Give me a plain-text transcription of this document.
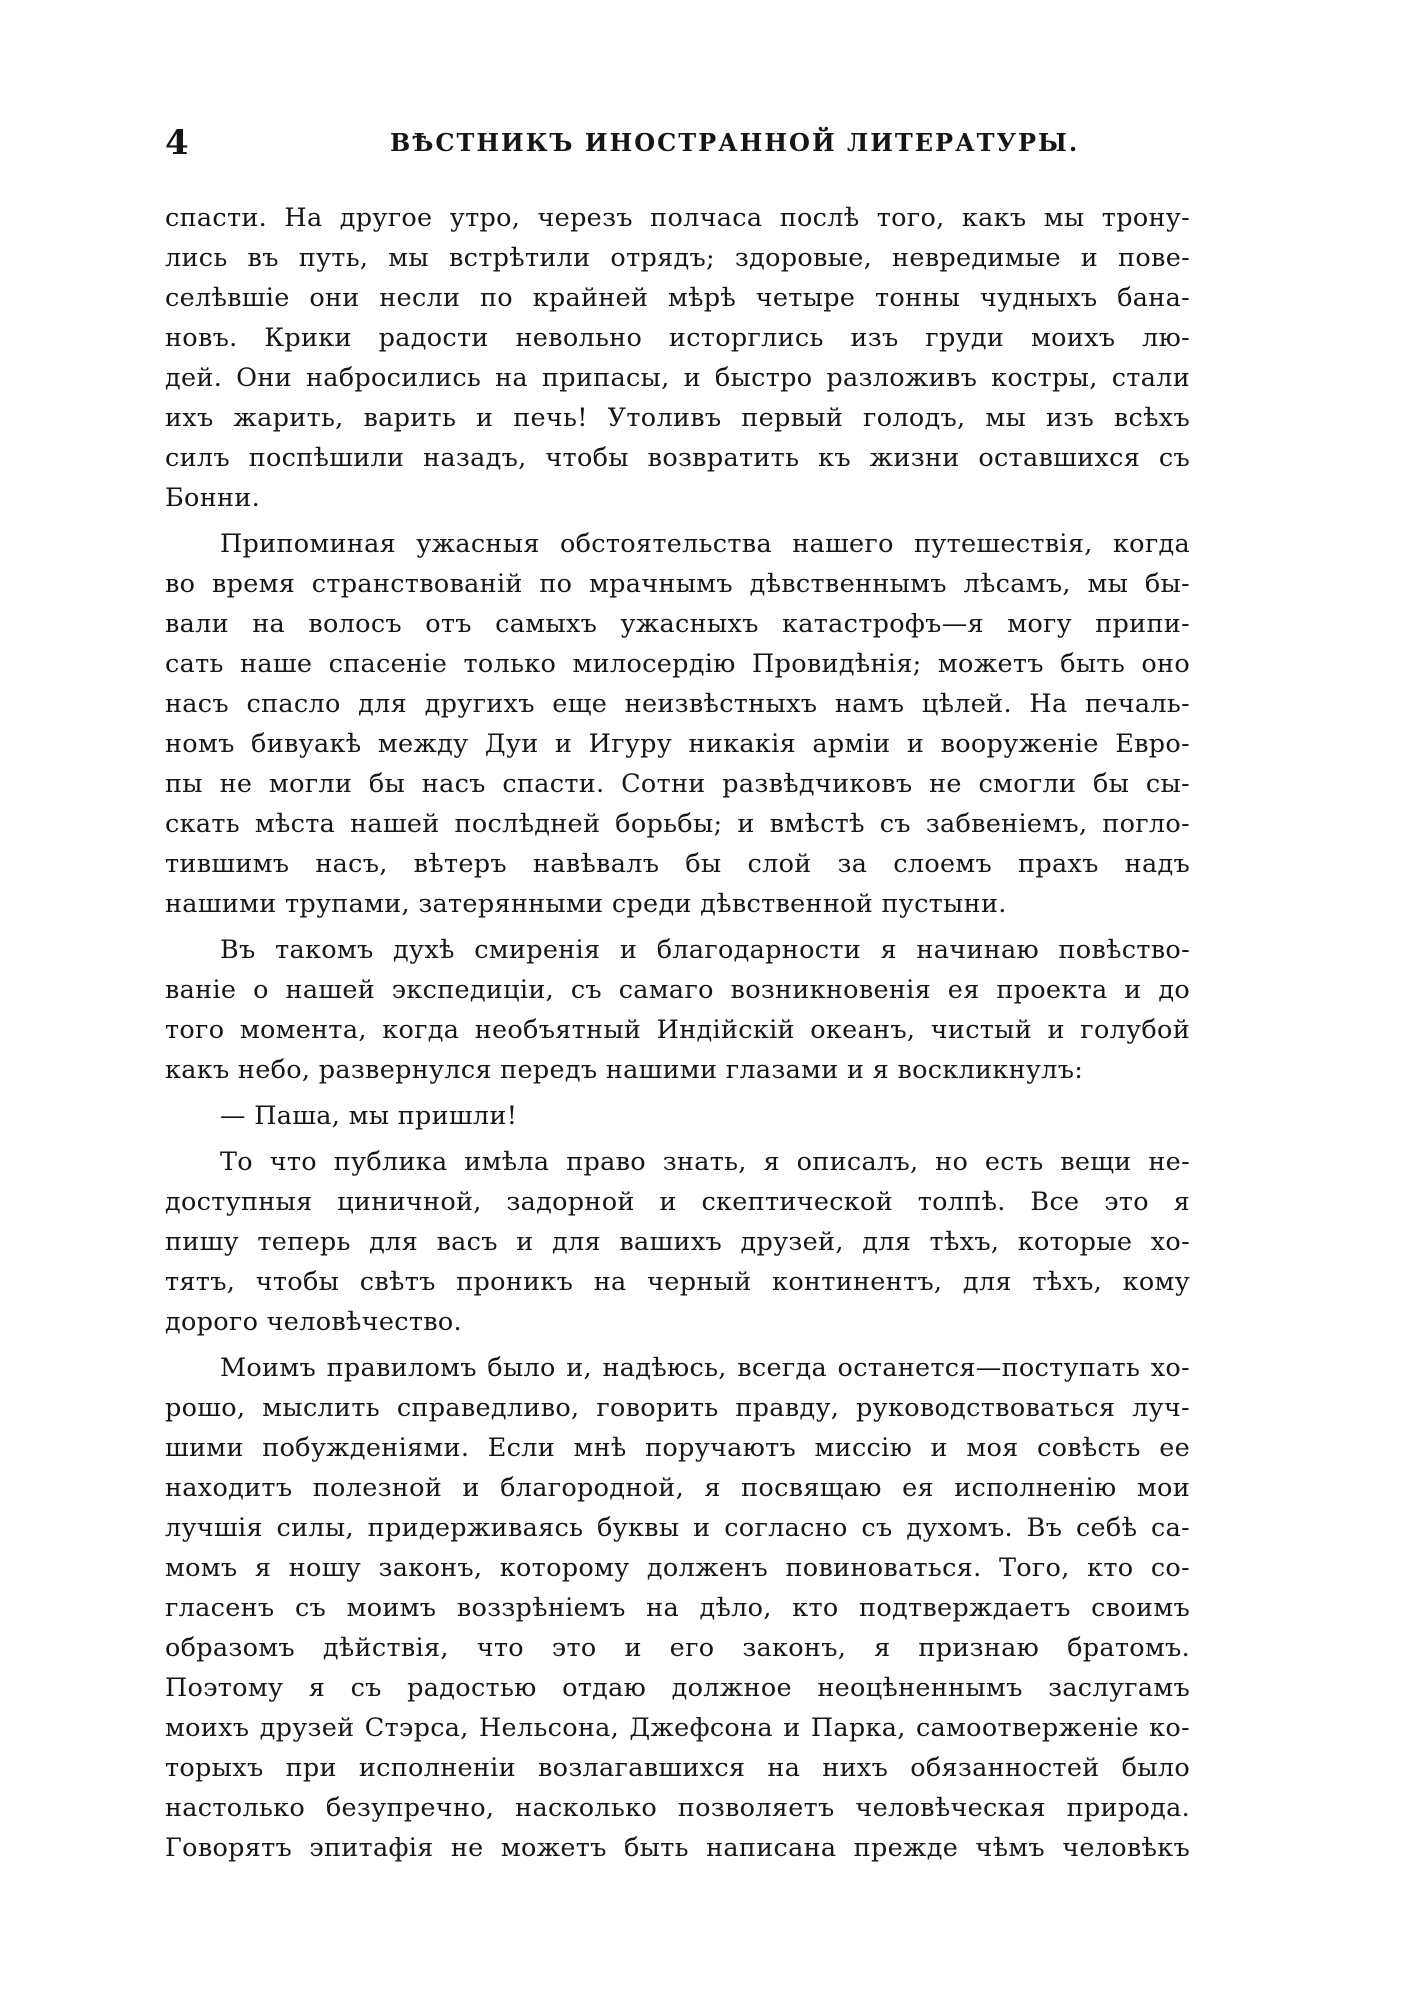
4	ВѢСТНИКЪ ИНОСТРАННОЙ ЛИТЕРАТУРЫ.
спасти. На другое утро, черезъ полчаса послѣ того, какъ мы трону-
лись въ путь, мы встрѣтили отрядъ; здоровые, невредимые и пове-
селѣвшіе они несли по крайней мѣрѣ четыре тонны чудныхъ бана-
новъ. Крики радости невольно исторглись изъ груди моихъ лю-
дей. Они набросились на припасы, и быстро разложивъ костры, стали
ихъ жарить, варить и печь! Утоливъ первый голодъ, мы изъ всѣхъ
силъ поспѣшили назадъ, чтобы возвратить къ жизни оставшихся съ
Бонни.
Припоминая ужасныя обстоятельства нашего путешествія, когда
во время странствованій по мрачнымъ дѣвственнымъ лѣсамъ, мы бы-
вали на волосъ отъ самыхъ ужасныхъ катастрофъ—я могу припи-
сать наше спасеніе только милосердію Провидѣнія; можетъ быть оно
насъ спасло для другихъ еще неизвѣстныхъ намъ цѣлей. На печаль-
номъ бивуакѣ между Дуи и Игуру никакія арміи и вооруженіе Евро-
пы не могли бы насъ спасти. Сотни развѣдчиковъ не смогли бы сы-
скать мѣста нашей послѣдней борьбы; и вмѣстѣ съ забвеніемъ, погло-
тившимъ насъ, вѣтеръ навѣвалъ бы слой за слоемъ прахъ надъ
нашими трупами, затерянными среди дѣвственной пустыни.
Въ такомъ духѣ смиренія и благодарности я начинаю повѣствo-
ваніе о нашей экспедиціи, съ самаго возникновенія ея проекта и до
того момента, когда необъятный Индійскій океанъ, чистый и голубой
какъ небо, развернулся передъ нашими глазами и я воскликнулъ:
— Паша, мы пришли!
То что публика имѣла право знать, я описалъ, но есть вещи не-
доступныя циничной, задорной и скептической толпѣ. Все это я
пишу теперь для васъ и для вашихъ друзей, для тѣхъ, которые хо-
тятъ, чтобы свѣтъ проникъ на черный континентъ, для тѣхъ, кому
дорого человѣчество.
Моимъ правиломъ было и, надѣюсь, всегда останется—поступать хо-
рошо, мыслить справедливо, говорить правду, руководствоваться луч-
шими побужденіями. Если мнѣ поручаютъ миссію и моя совѣсть ее
находитъ полезной и благородной, я посвящаю ея исполненію мои
лучшія силы, придерживаясь буквы и согласно съ духомъ. Въ себѣ са-
момъ я ношу законъ, которому долженъ повиноваться. Того, кто со-
гласенъ съ моимъ воззрѣніемъ на дѣло, кто подтверждаетъ своимъ
образомъ дѣйствія, что это и его законъ, я признаю братомъ.
Поэтому я съ радостью отдаю должное неоцѣненнымъ заслугамъ
моихъ друзей Стэрса, Нельсона, Джефсона и Парка, самоотверженіе ко-
торыхъ при исполненіи возлагавшихся на нихъ обязанностей было
настолько безупречно, насколько позволяетъ человѣческая природа.
Говорятъ эпитафія не можетъ быть написана прежде чѣмъ человѣкъ
